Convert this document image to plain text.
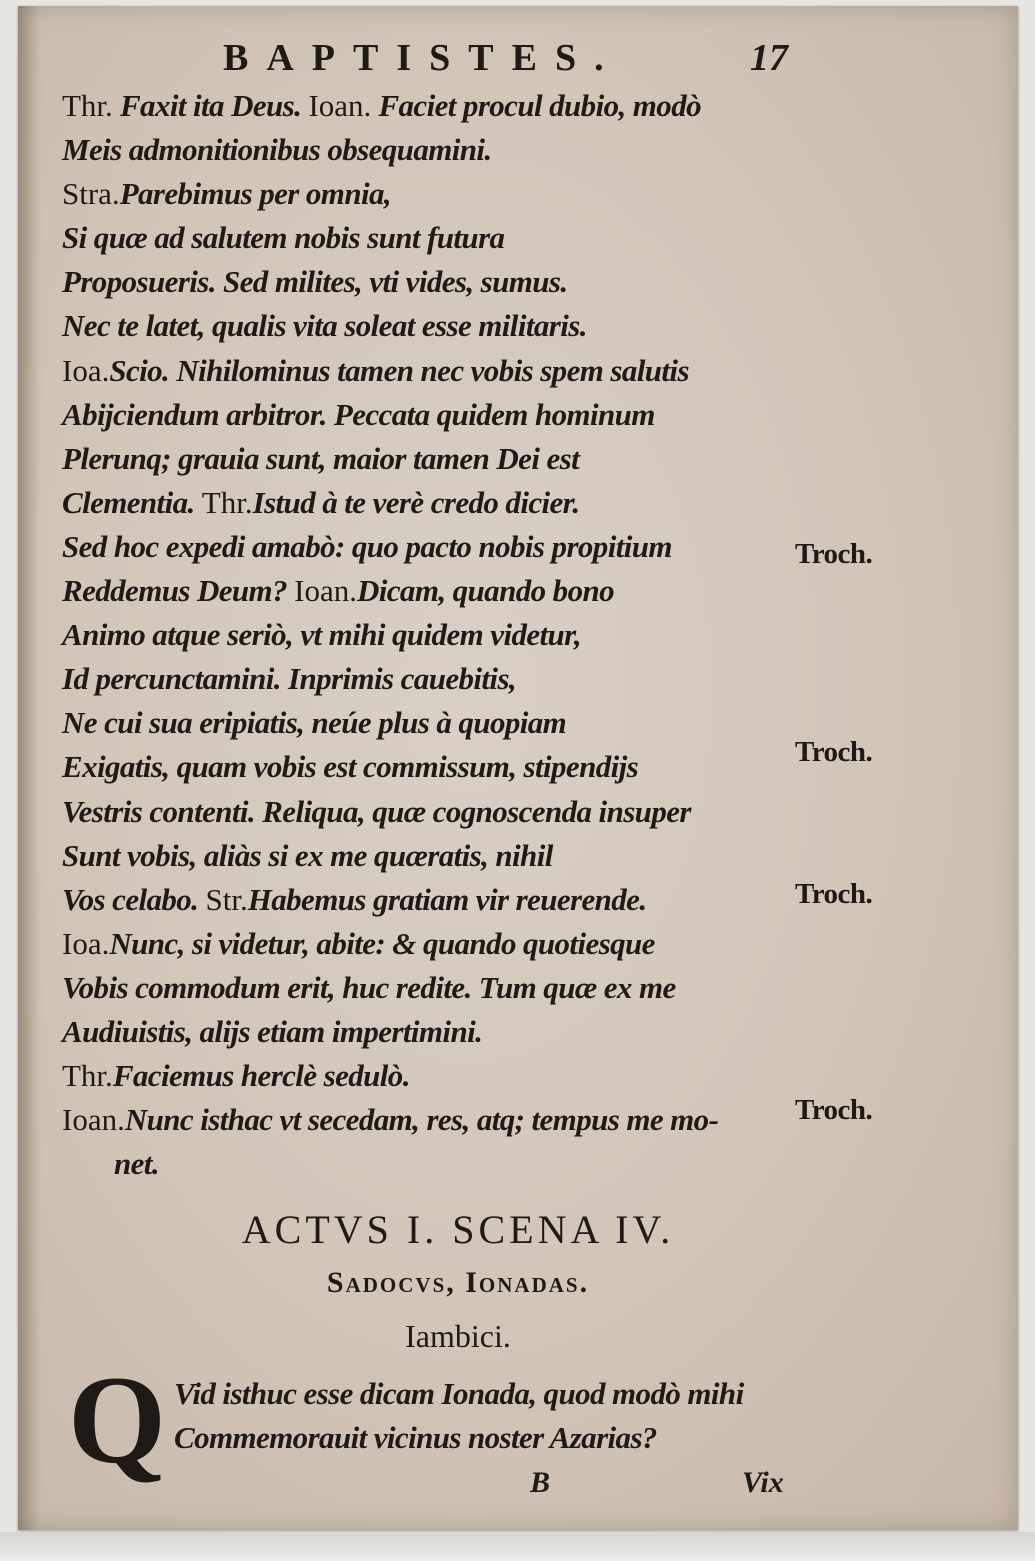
BAPTISTES.	17
Thr. Faxit ita Deus. Ioan. Faciet procul dubio, modò
Meis admonitionibus obsequamini.
Stra.Parebimus per omnia,
Si quæ ad salutem nobis sunt futura
Proposueris. Sed milites, vti vides, sumus.
Nec te latet, qualis vita soleat esse militaris.
Ioa.Scio. Nihilominus tamen nec vobis spem salutis
Abijciendum arbitror. Peccata quidem hominum
Plerunq; grauia sunt, maior tamen Dei est
Clementia. Thr.Istud à te verè credo dicier.
Sed hoc expedi amabò: quo pacto nobis propitium
Reddemus Deum? Ioan.Dicam, quando bono
Animo atque seriò, vt mihi quidem videtur,
Id percunctamini. Inprimis cauebitis,
Ne cui sua eripiatis, neúe plus à quopiam
Exigatis, quam vobis est commissum, stipendijs
Vestris contenti. Reliqua, quæ cognoscenda insuper
Sunt vobis, aliàs si ex me quæratis, nihil
Vos celabo. Str.Habemus gratiam vir reuerende.
Ioa.Nunc, si videtur, abite: & quando quotiesque
Vobis commodum erit, huc redite. Tum quæ ex me
Audiuistis, alijs etiam impertimini.
Thr.Faciemus herclè sedulò.
Ioan.Nunc isthac vt secedam, res, atq; tempus me mo-
net.
Troch.
Troch.
Troch.
Troch.
ACTVS I. SCENA IV.
Sadocvs, Ionadas.
Iambici.
Q Vid isthuc esse dicam Ionada, quod modò mihi
Commemorauit vicinus noster Azarias?
B	Vix
